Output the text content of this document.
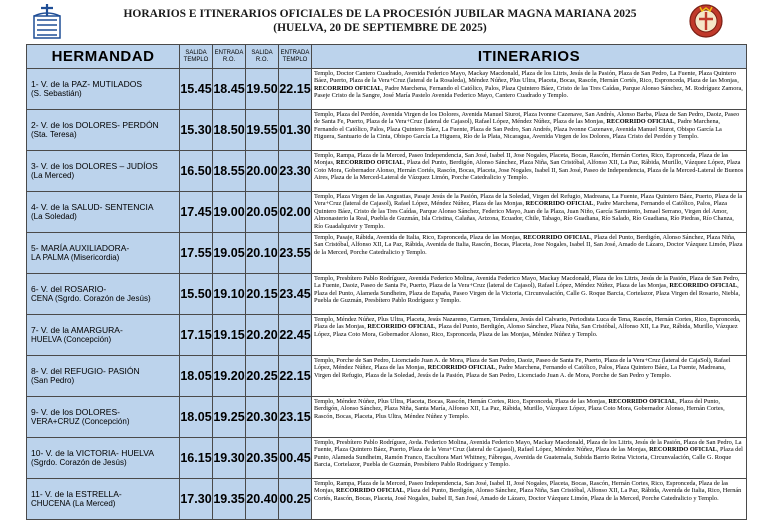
HORARIOS E ITINERARIOS OFICIALES DE LA PROCESIÓN JUBILAR MAGNA MARIANA 2025
(HUELVA, 20 DE SEPTIEMBRE DE 2025)
HERMANDAD	SALIDA TEMPLO	ENTRADA R.O.	SALIDA R.O.	ENTRADA TEMPLO	ITINERARIOS
1- V. de la PAZ- MUTILADOS
(S. Sebastián)	15.45	18.45	19.50	22.15	Templo, Doctor Cantero Cuadrado, Avenida Federico Mayo, Mackay Macdonald, Plaza de los Litris, Jesús de la Pasión, Plaza de San Pedro, La Fuente, Plaza Quintero Báez, Puerto, Plaza de la Vera+Cruz (lateral de la Rosaleda), Méndez Núñez, Plus Ultra, Placeta, Bocas, Rascón, Hernán Cortés, Rico, Espronceda, Plaza de las Monjas, RECORRIDO OFICIAL, Padre Marchena, Fernando el Católico, Palos, Plaza Quintero Báez, Cristo de las Tres Caídas, Parque Alonso Sánchez, M. Rodríguez Zamora, Paseje Cristo de la Sangre, José María Pastelo Avenida Federico Mayo, Cantero Cuadrado y Templo.

2- V. de los DOLORES- PERDÓN
(Sta. Teresa)	15.30	18.50	19.55	01.30	Templo, Plaza del Perdón, Avenida Virgen de los Dolores, Avenida Manuel Siurot, Plaza Ivonne Cazenave, San Andrés, Alonso Barba, Plaza de San Pedro, Daoiz, Paseo de Santa Fe, Puerto, Plaza de la Vera+Cruz (lateral de Cajasol), Rafael López, Méndez Núñez, Plaza de las Monjas, RECORRIDO OFICIAL, Padre Marchena, Fernando el Católico, Palos, Plaza Quintero Báez, La Fuente, Plaza de San Pedro, San Andrés, Plaza Ivonne Cazenave, Avenida Manuel Siurot, Obispo García La Higuera, Santuario de la Cinta, Obispo García La Higuera, Río de la Plata, Nicaragua, Avenida Virgen de los Dolores, Plaza Cristo del Perdón y Templo.

3- V. de los DOLORES – JUDÍOS
(La Merced)	16.50	18.55	20.00	23.30	Templo, Rampa, Plaza de la Merced, Paseo Independencia, San José, Isabel II, Jose Nogales, Placeta, Bocas, Rascón, Hernán Cortes, Rico, Espronceda, Plaza de las Monjas, RECORRIDO OFICIAL, Plaza del Punto, Berdigón, Alonso Sánchez, Plaza Niña, San Cristóbal, Alfonso XII, La Paz, Rábida, Murillo, Vázquez López, Plaza Coto Mora, Gobernador Alonso, Hernán Cortés, Rascón, Bocas, Placeta, Jose Nogales, Isabel II, San José, Paseo de Independencia, Plaza de la Merced-Lateral de Buenos Aires, Plaza de la Merced-Lateral de Vázquez Limón, Porche Catedralicio y Templo.

4- V. de la SALUD- SENTENCIA
(La Soledad)	17.45	19.00	20.05	02.00	Templo, Plaza Virgen de las Angustias, Pasaje Jesús de la Pasión, Plaza de la Soledad, Virgen del Refugio, Madreana, La Fuente, Plaza Quintero Báez, Puerto, Plaza de la Vera+Cruz (lateral de Cajasol), Rafael López, Méndez Núñez, Plaza de las Monjas, RECORRIDO OFICIAL, Padre Marchena, Fernando el Católico, Palos, Plaza Quintero Báez, Cristo de las Tres Caídas, Parque Alonso Sánchez, Federico Mayo, Juan de la Plaza, Juan Niño, García Sarmiento, Ismael Serrano, Virgen del Amor, Almonasterio la Real, Puebla de Guzmán, Isla Cristina, Calañas, Arizona, Ecuador, Chile, Tabago, Río Guadiana, Río Salado, Río Guadiana, Río Piedras, Río Chanza, Río Guadalquivir y Templo.

5- MARÍA AUXILIADORA-
LA PALMA (Misericordia)	17.55	19.05	20.10	23.55	Templo, Pasaje, Rábida, Avenida de Italia, Rico, Espronceda, Plaza de las Monjas, RECORRIDO OFICIAL, Plaza del Punto, Berdigón, Alonso Sánchez, Plaza Niña, San Cristóbal, Alfonso XII, La Paz, Rábida, Avenida de Italia, Rascón, Bocas, Placeta, Jose Nogales, Isabel II, San José, Amado de Lázaro, Doctor Vázquez Limón, Plaza de la Merced, Porche Catedralicio y Templo.

6- V. del ROSARIO-
CENA (Sgrdo. Corazón de Jesús)	15.50	19.10	20.15	23.45	Templo, Presbítero Pablo Rodríguez, Avenida Federico Molina, Avenida Federico Mayo, Mackay Macdonald, Plaza de los Litris, Jesús de la Pasión, Plaza de San Pedro, La Fuente, Daoiz, Paseo de Santa Fe, Puerto, Plaza de la Vera+Cruz (lateral de Cajasol), Rafael López, Méndez Núñez, Plaza de las Monjas, RECORRIDO OFICIAL, Plaza del Punto, Alameda Sundheim, Plaza de España, Paseo Virgen de la Victoria, Circunvalación, Calle G. Roque Barcia, Cortelazor, Plaza Virgen del Rosario, Niebla, Puebla de Guzmán, Presbítero Pablo Rodríguez y Templo.

7- V. de la AMARGURA-
HUELVA (Concepción)	17.15	19.15	20.20	22.45	Templo, Méndez Núñez, Plus Ultra, Placeta, Jesús Nazareno, Carmen, Tendalera, Jesús del Calvario, Periodista Luca de Tena, Rascón, Hernán Cortes, Rico, Espronceda, Plaza de las Monjas, RECORRIDO OFICIAL, Plaza del Punto, Berdigón, Alonso Sánchez, Plaza Niña, San Cristóbal, Alfonso XII, La Paz, Rábida, Murillo, Vázquez López, Plaza Coto Mora, Gobernador Alonso, Rico, Espronceda, Plaza de las Monjas, Méndez Núñez y Templo.

8- V. del REFUGIO- PASIÓN
(San Pedro)	18.05	19.20	20.25	22.15	Templo, Porche de San Pedro, Licenciado Juan A. de Mora, Plaza de San Pedro, Daoiz, Paseo de Santa Fe, Puerto, Plaza de la Vera+Cruz (lateral de CajaSol), Rafael López, Méndez Núñez, Plaza de las Monjas, RECORRIDO OFICIAL, Padre Marchena, Fernando el Católico, Palos, Plaza Quintero Báez, La Fuente, Madreana, Virgen del Refugio, Plaza de la Soledad, Jesús de la Pasión, Plaza de San Pedro, Licenciado Juan A. de Mora, Porche de San Pedro y Templo.

9- V. de los DOLORES-
VERA+CRUZ (Concepción)	18.05	19.25	20.30	23.15	Templo, Méndez Núñez, Plus Ultra, Placeta, Bocas, Rascón, Hernán Cortes, Rico, Espronceda, Plaza de las Monjas, RECORRIDO OFICIAL, Plaza del Punto, Berdigón, Alonso Sánchez, Plaza Niña, Santa María, Alfonso XII, La Paz, Rábida, Murillo, Vázquez López, Plaza Coto Mora, Gobernador Alonso, Hernán Cortes, Rascón, Bocas, Placeta, Plus Ultra, Méndez Núñez y Templo.

10- V. de la VICTORIA- HUELVA
(Sgrdo. Corazón de Jesús)	16.15	19.30	20.35	00.45	Templo, Presbítero Pablo Rodríguez, Avda. Federico Molina, Avenida Federico Mayo, Mackay Macdonald, Plaza de los Litris, Jesús de la Pasión, Plaza de San Pedro, La Fuente, Plaza Quintero Báez, Puerto, Plaza de la Vera+Cruz (lateral de Cajasol), Rafael López, Méndez Núñez, Plaza de las Monjas, RECORRIDO OFICIAL, Plaza del Punto, Alameda Sundheim, Ramón Franco, Escultora Mari Whitney, Fábregas, Avenida de Guatemala, Subida Barrio Reina Victoria, Circunvalación, Calle G. Roque Barcia, Cortelazor, Puebla de Guzmán, Presbítero Pablo Rodríguez y Templo.

11- V. de la ESTRELLA-
CHUCENA (La Merced)	17.30	19.35	20.40	00.25	Templo, Rampa, Plaza de la Merced, Paseo Independencia, San José, Isabel II, José Nogales, Placeta, Bocas, Rascón, Hernán Cortes, Rico, Espronceda, Plaza de las Monjas, RECORRIDO OFICIAL, Plaza del Punto, Berdigón, Alonso Sánchez, Plaza Niña, San Cristóbal, Alfonso XII, La Paz, Rábida, Avenida de Italia, Rico, Hernán Cortés, Rascón, Bocas, Placeta, José Nogales, Isabel II, San José, Amado de Lázaro, Doctor Vázquez Limón, Plaza de la Merced, Porche Catedralicio y Templo.
